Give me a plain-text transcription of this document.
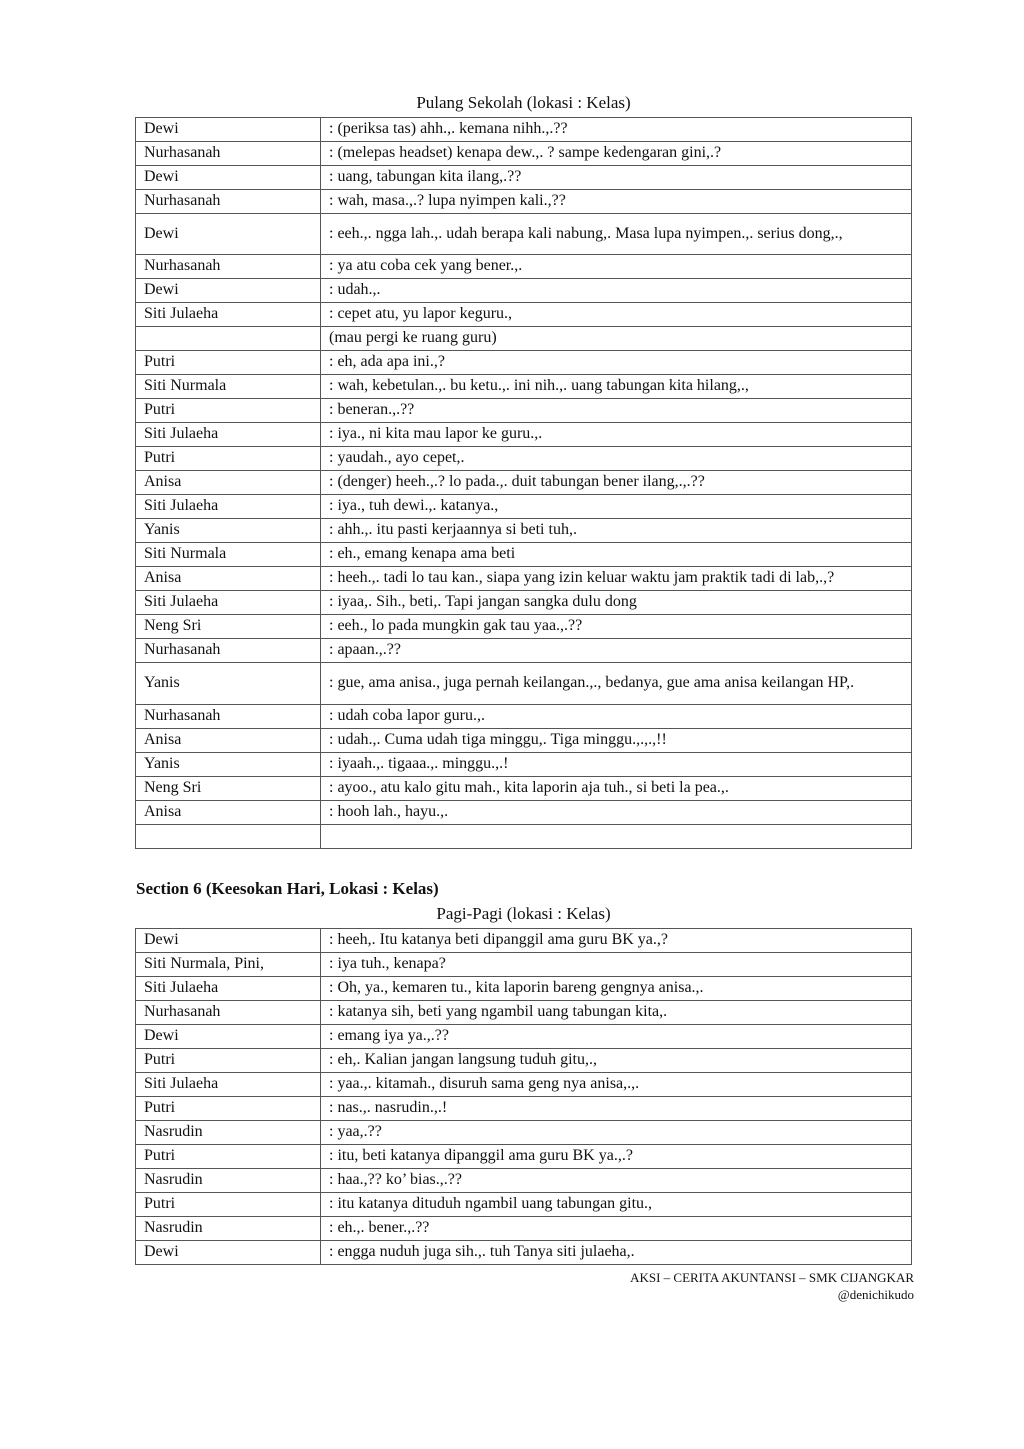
Pulang Sekolah (lokasi : Kelas)
Dewi	: (periksa tas) ahh.,. kemana nihh.,.??
Nurhasanah	: (melepas headset) kenapa dew.,. ? sampe kedengaran gini,.?
Dewi	: uang, tabungan kita ilang,.??
Nurhasanah	: wah, masa.,.? lupa nyimpen kali.,??
Dewi	: eeh.,. ngga lah.,. udah berapa kali nabung,. Masa lupa nyimpen.,. serius dong,.,
Nurhasanah	: ya atu coba cek yang bener.,.
Dewi	: udah.,.
Siti Julaeha	: cepet atu, yu lapor keguru.,
	(mau pergi ke ruang guru)
Putri	: eh, ada apa ini.,?
Siti Nurmala	: wah, kebetulan.,. bu ketu.,. ini nih.,. uang tabungan kita hilang,.,
Putri	: beneran.,.??
Siti Julaeha	: iya., ni kita mau lapor ke guru.,.
Putri	: yaudah., ayo cepet,.
Anisa	: (denger) heeh.,.? lo pada.,. duit tabungan bener ilang,.,.??
Siti Julaeha	: iya., tuh dewi.,. katanya.,
Yanis	: ahh.,. itu pasti kerjaannya si beti tuh,.
Siti Nurmala	: eh., emang kenapa ama beti
Anisa	: heeh.,. tadi lo tau kan., siapa yang izin keluar waktu jam praktik tadi di lab,.,?
Siti Julaeha	: iyaa,. Sih., beti,. Tapi jangan sangka dulu dong
Neng Sri	: eeh., lo pada mungkin gak tau yaa.,.??
Nurhasanah	: apaan.,.??
Yanis	: gue, ama anisa., juga pernah keilangan.,., bedanya, gue ama anisa keilangan HP,.
Nurhasanah	: udah coba lapor guru.,.
Anisa	: udah.,. Cuma udah tiga minggu,. Tiga minggu.,.,.,!!
Yanis	: iyaah.,. tigaaa.,. minggu.,.!
Neng Sri	: ayoo., atu kalo gitu mah., kita laporin aja tuh., si beti la pea.,.
Anisa	: hooh lah., hayu.,.

Section 6 (Keesokan Hari, Lokasi : Kelas)
Pagi-Pagi (lokasi : Kelas)
Dewi	: heeh,. Itu katanya beti dipanggil ama guru BK ya.,?
Siti Nurmala, Pini,	: iya tuh., kenapa?
Siti Julaeha	: Oh, ya., kemaren tu., kita laporin bareng gengnya anisa.,.
Nurhasanah	: katanya sih, beti yang ngambil uang tabungan kita,.
Dewi	: emang iya ya.,.??
Putri	: eh,. Kalian jangan langsung tuduh gitu,.,
Siti Julaeha	: yaa.,. kitamah., disuruh sama geng nya anisa,.,.
Putri	: nas.,. nasrudin.,.!
Nasrudin	: yaa,.??
Putri	: itu, beti katanya dipanggil ama guru BK ya.,.?
Nasrudin	: haa.,?? ko’ bias.,.??
Putri	: itu katanya dituduh ngambil uang tabungan gitu.,
Nasrudin	: eh.,. bener.,.??
Dewi	: engga nuduh juga sih.,. tuh Tanya siti julaeha,.
AKSI – CERITA AKUNTANSI – SMK CIJANGKAR
@denichikudo
